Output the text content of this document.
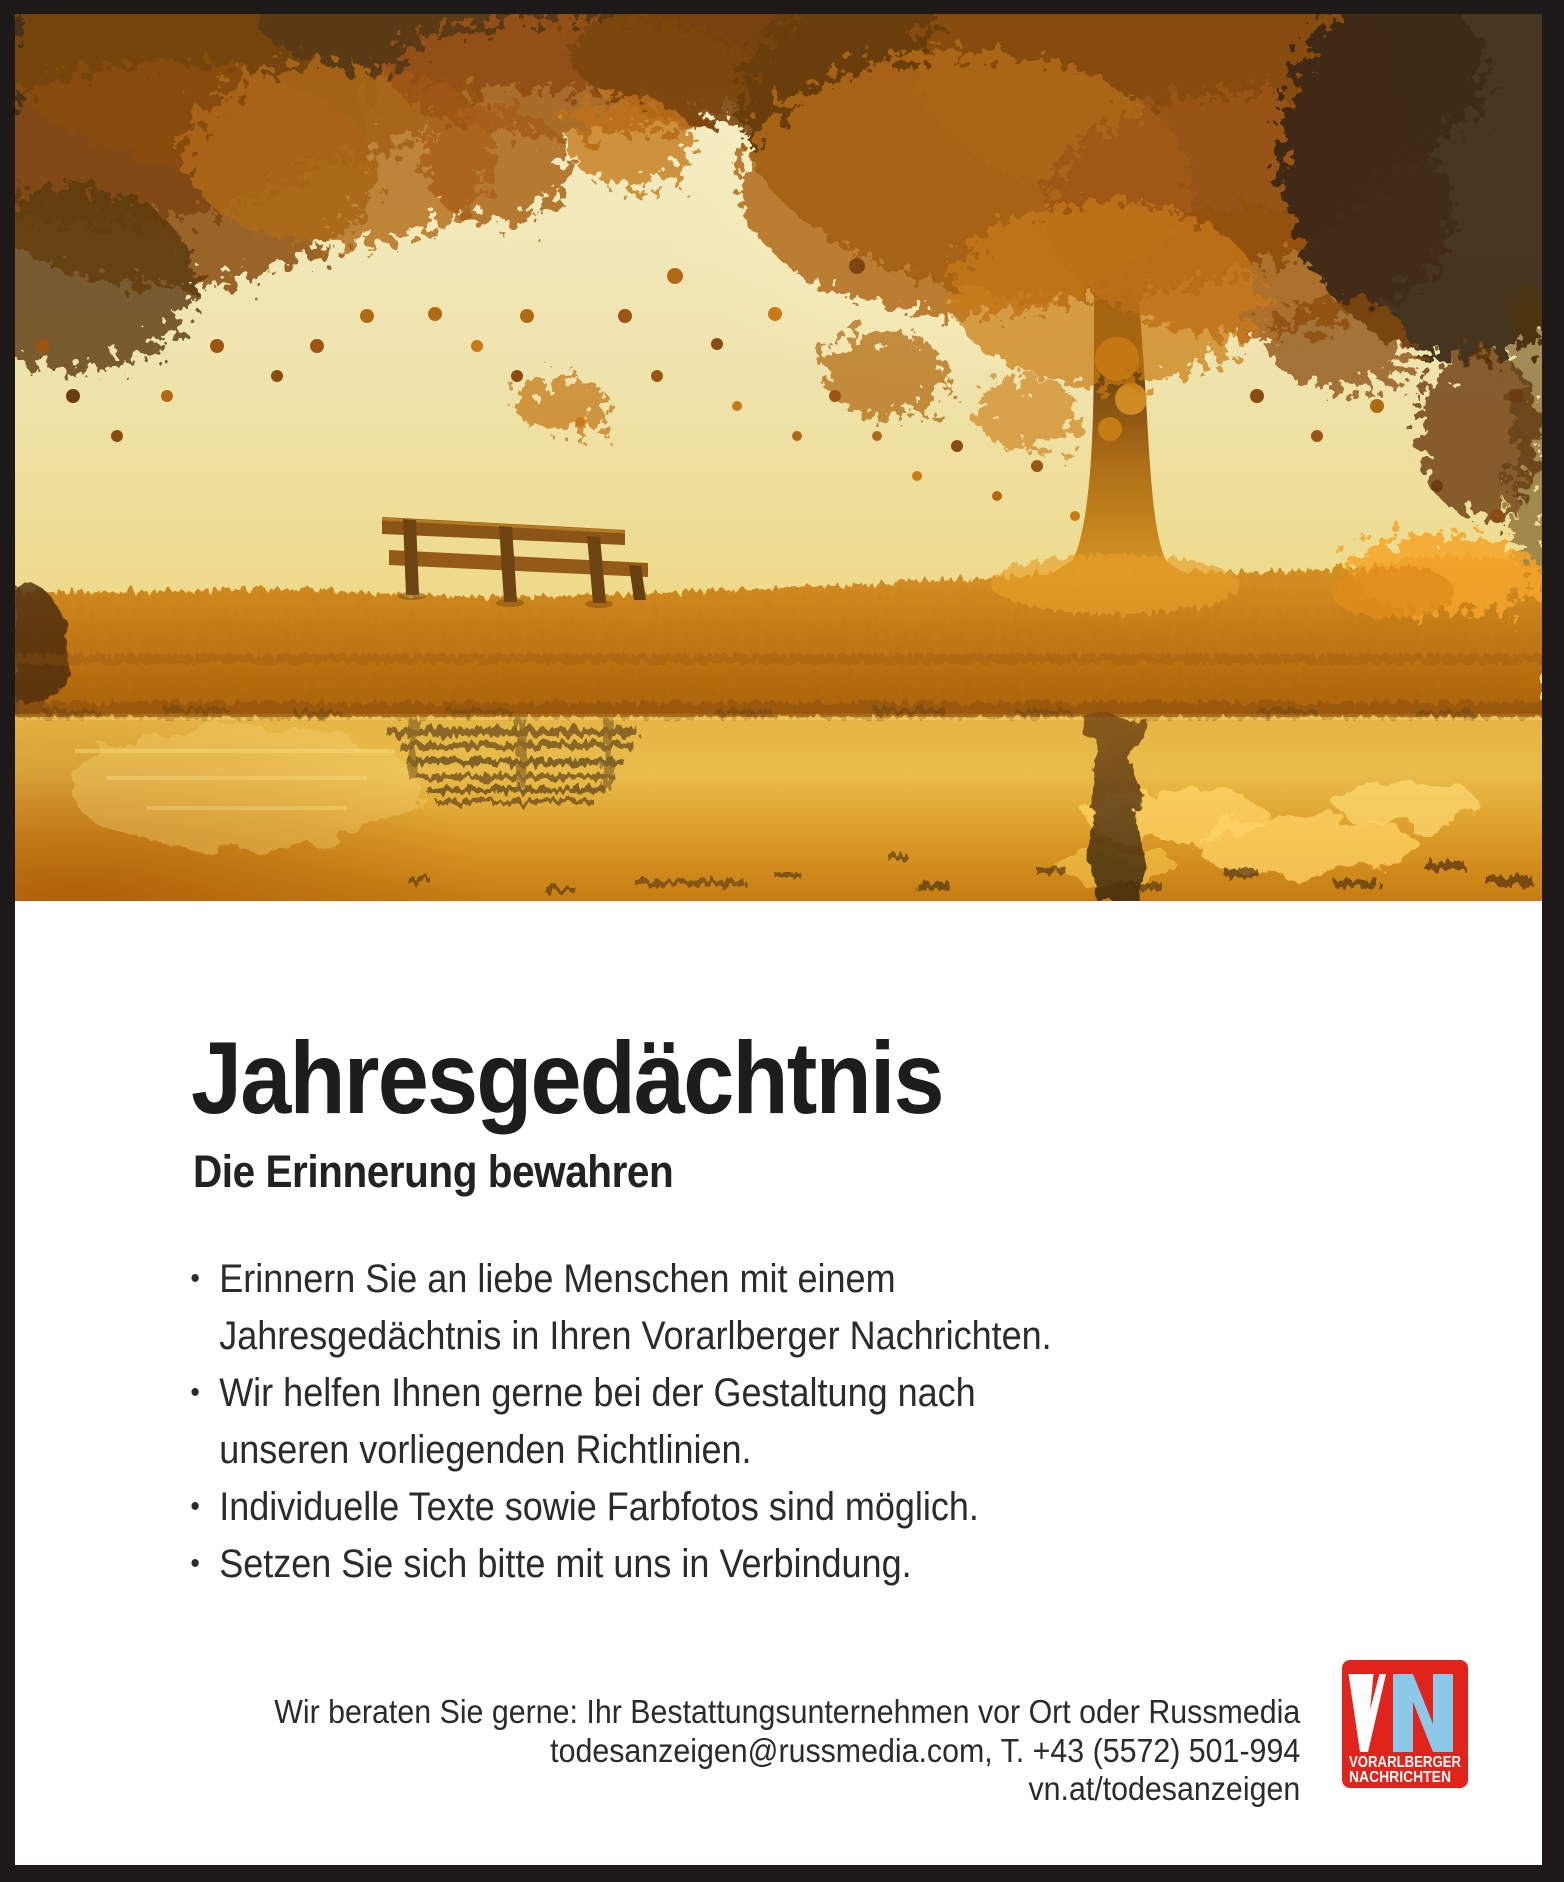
Jahresgedächtnis
Die Erinnerung bewahren
• Erinnern Sie an liebe Menschen mit einem
Jahresgedächtnis in Ihren Vorarlberger Nachrichten.
• Wir helfen Ihnen gerne bei der Gestaltung nach
unseren vorliegenden Richtlinien.
• Individuelle Texte sowie Farbfotos sind möglich.
• Setzen Sie sich bitte mit uns in Verbindung.
Wir beraten Sie gerne: Ihr Bestattungsunternehmen vor Ort oder Russmedia
todesanzeigen@russmedia.com, T. +43 (5572) 501-994
vn.at/todesanzeigen
VORARLBERGER
NACHRICHTEN
